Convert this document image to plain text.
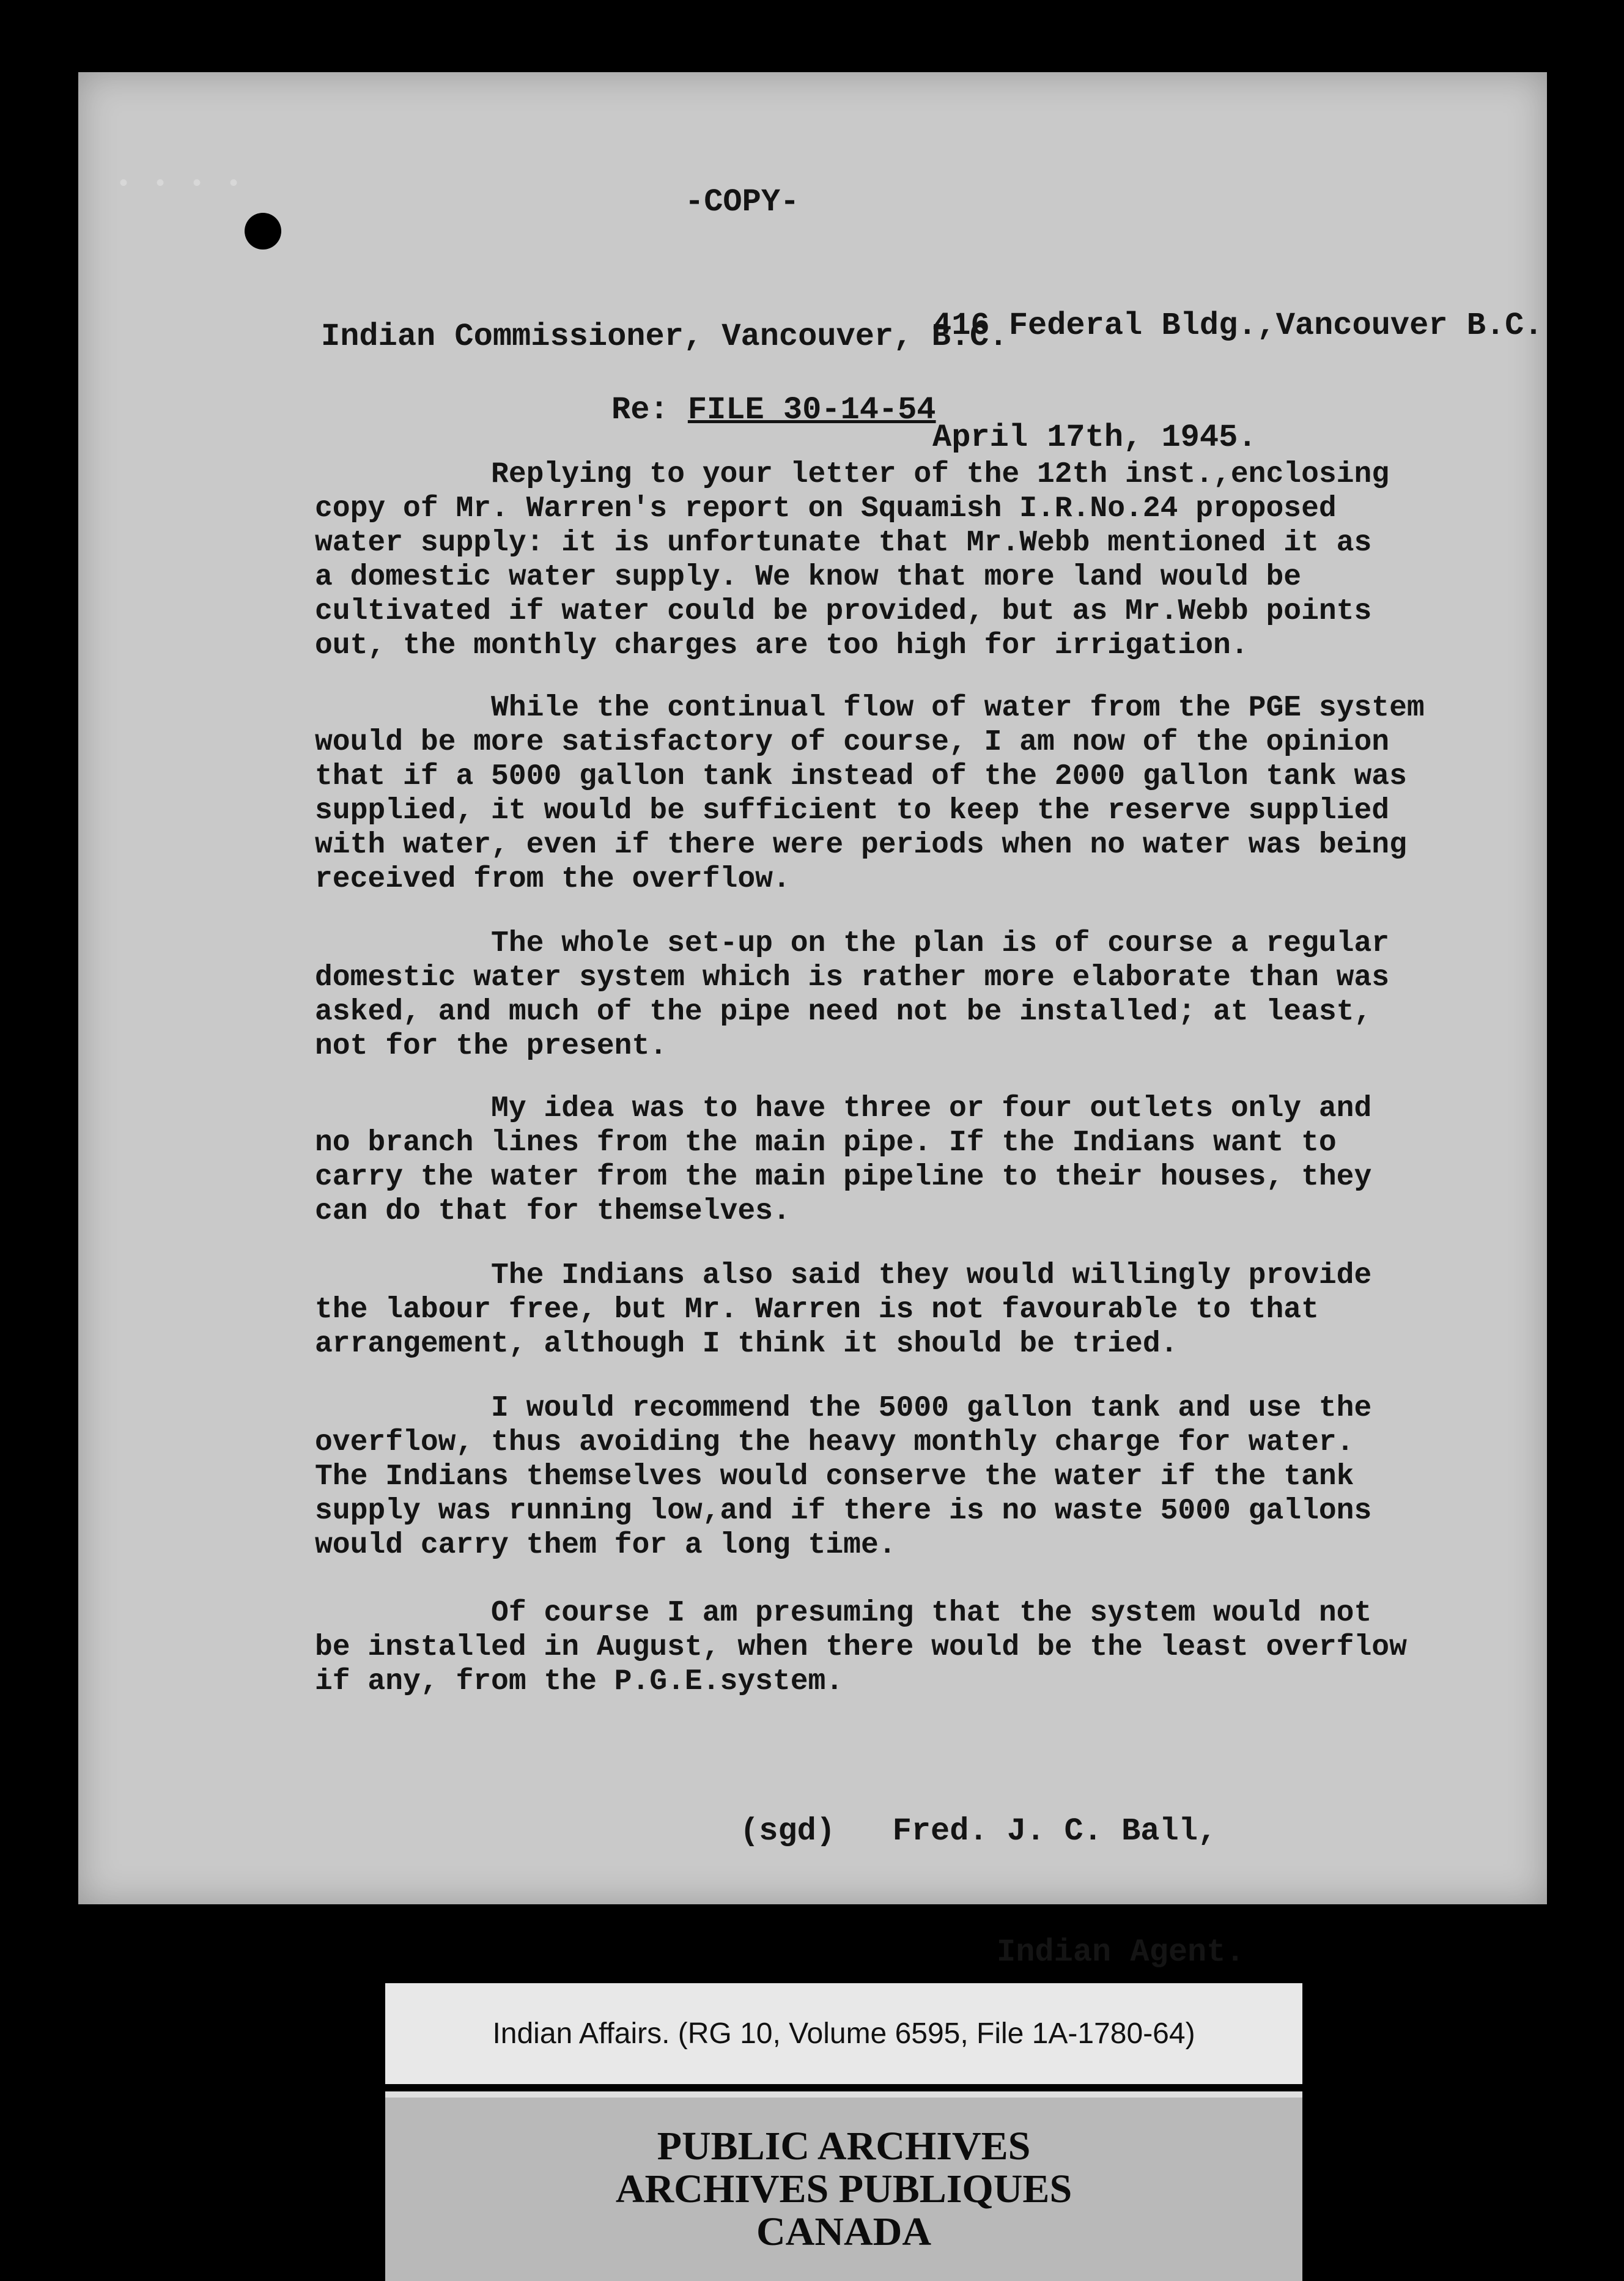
••••	-COPY-

416 Federal Bldg.,Vancouver B.C.

April 17th, 1945.

Indian Commissioner, Vancouver, B.C.
Re: FILE 30-14-54
Replying to your letter of the 12th inst.,enclosing
copy of Mr. Warren's report on Squamish I.R.No.24 proposed
water supply: it is unfortunate that Mr.Webb mentioned it as
a domestic water supply. We know that more land would be
cultivated if water could be provided, but as Mr.Webb points
out, the monthly charges are too high for irrigation.
While the continual flow of water from the PGE system
would be more satisfactory of course, I am now of the opinion
that if a 5000 gallon tank instead of the 2000 gallon tank was
supplied, it would be sufficient to keep the reserve supplied
with water, even if there were periods when no water was being
received from the overflow.
The whole set-up on the plan is of course a regular
domestic water system which is rather more elaborate than was
asked, and much of the pipe need not be installed; at least,
not for the present.
My idea was to have three or four outlets only and
no branch lines from the main pipe. If the Indians want to
carry the water from the main pipeline to their houses, they
can do that for themselves.
The Indians also said they would willingly provide
the labour free, but Mr. Warren is not favourable to that
arrangement, although I think it should be tried.
I would recommend the 5000 gallon tank and use the
overflow, thus avoiding the heavy monthly charge for water.
The Indians themselves would conserve the water if the tank
supply was running low,and if there is no waste 5000 gallons
would carry them for a long time.
Of course I am presuming that the system would not
be installed in August, when there would be the least overflow
if any, from the P.G.E.system.

(sgd)   Fred. J. C. Ball,

Indian Agent.

Indian Affairs. (RG 10, Volume 6595, File 1A-1780-64)
PUBLIC ARCHIVES
ARCHIVES PUBLIQUES
CANADA
